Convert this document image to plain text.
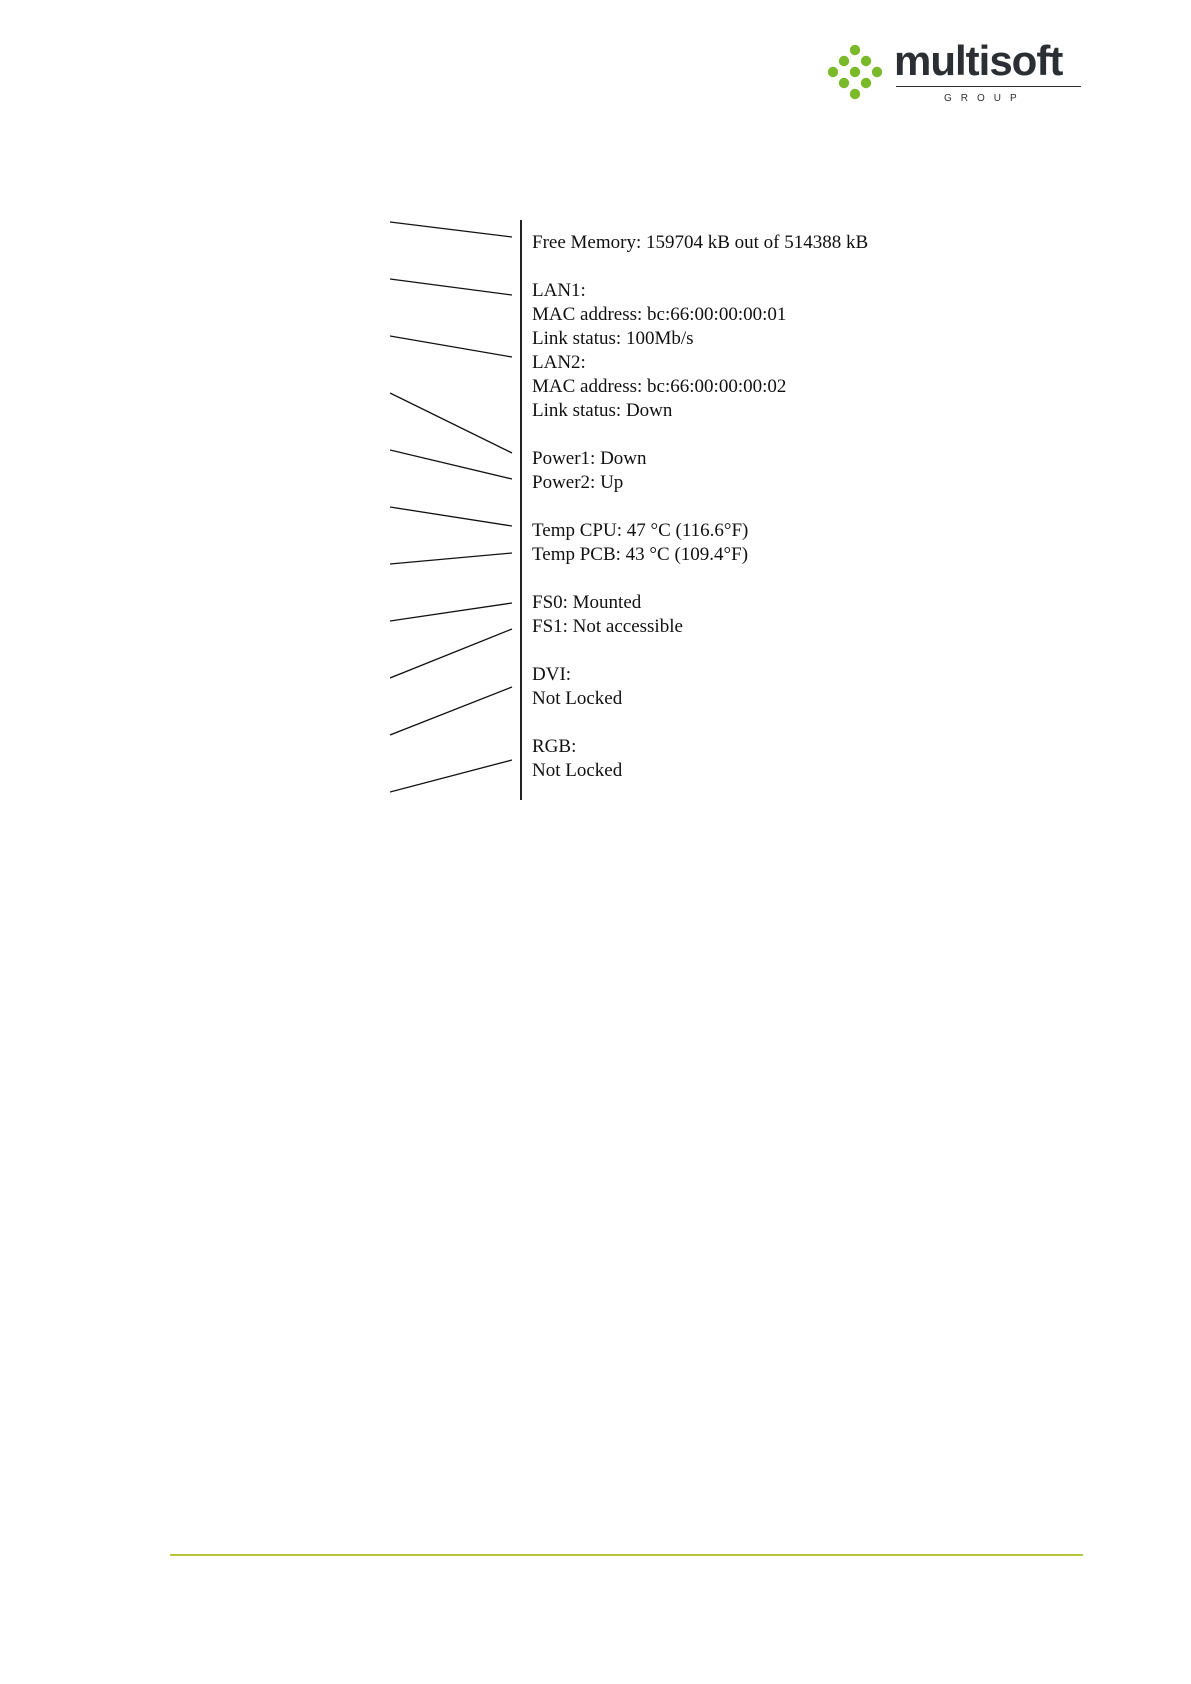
multisoft
GROUP
Free Memory: 159704 kB out of 514388 kB
LAN1:
MAC address: bc:66:00:00:00:01
Link status: 100Mb/s
LAN2:
MAC address: bc:66:00:00:00:02
Link status: Down
Power1: Down
Power2: Up
Temp CPU: 47 °C (116.6°F)
Temp PCB: 43 °C (109.4°F)
FS0: Mounted
FS1: Not accessible
DVI:
Not Locked
RGB:
Not Locked
